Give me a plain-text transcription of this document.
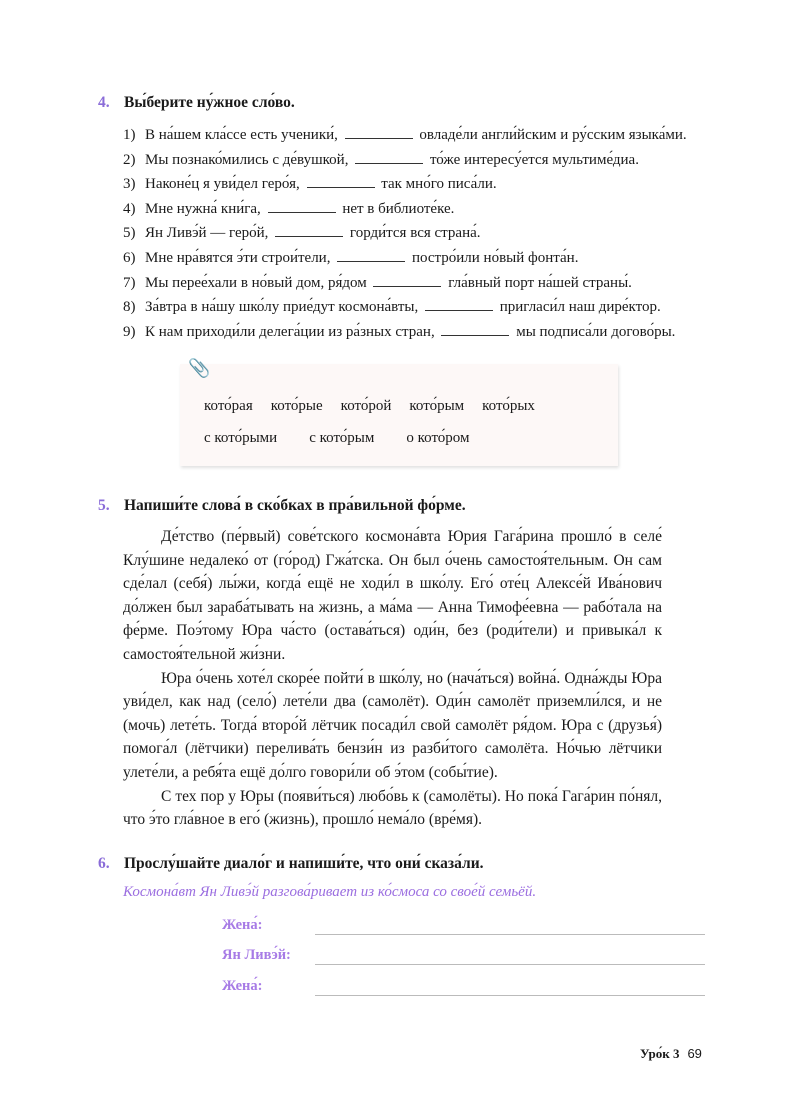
4. Вы́берите ну́жное сло́во.
1) В на́шем кла́ссе есть ученики́,	овладе́ли англи́йским и ру́сским языка́ми.
2) Мы познако́мились с де́вушкой,	то́же интересу́ется мультиме́диа.
3) Наконе́ц я уви́дел геро́я,	так мно́го писа́ли.
4) Мне нужна́ кни́га,	нет в библиоте́ке.
5) Ян Ливэ́й — геро́й,	горди́тся вся страна́.
6) Мне нра́вятся э́ти строи́тели,	постро́или но́вый фонта́н.
7) Мы перее́хали в но́вый дом, ря́дом	гла́вный порт на́шей страны́.
8) За́втра в на́шу шко́лу прие́дут космона́вты,	пригласи́л наш дире́ктор.
9) К нам приходи́ли делега́ции из ра́зных стран,	мы подписа́ли догово́ры.
📎
кото́рая кото́рые кото́рой кото́рым кото́рых
с кото́рыми с кото́рым о кото́ром
5. Напиши́те слова́ в ско́бках в пра́вильной фо́рме.

Де́тство (пе́рвый) сове́тского космона́вта Юрия Гага́рина прошло́ в селе́ Клу́шине недалеко́ от (го́род) Гжа́тска. Он был о́чень самостоя́тельным. Он сам сде́лал (себя́) лы́жи, когда́ ещё не ходи́л в шко́лу. Его́ оте́ц Алексе́й Ива́нович до́лжен был зараба́тывать на жизнь, а ма́ма — Анна Тимофе́евна — рабо́тала на фе́рме. Поэ́тому Юра ча́сто (остава́ться) оди́н, без (роди́тели) и привыка́л к самостоя́тельной жи́зни.

Юра о́чень хоте́л скоре́е пойти́ в шко́лу, но (нача́ться) война́. Одна́жды Юра уви́дел, как над (село́) лете́ли два (самолёт). Оди́н самолёт приземли́лся, и не (мочь) лете́ть. Тогда́ второ́й лётчик посади́л свой самолёт ря́дом. Юра с (друзья́) помога́л (лётчики) перелива́ть бензи́н из разби́того самолёта. Но́чью лётчики улете́ли, а ребя́та ещё до́лго говори́ли об э́том (собы́тие).

С тех пор у Юры (появи́ться) любо́вь к (самолёты). Но пока́ Гага́рин по́нял, что э́то гла́вное в его́ (жизнь), прошло́ нема́ло (вре́мя).

6. Прослу́шайте диало́г и напиши́те, что они́ сказа́ли.
Космона́вт Ян Ливэ́й разгова́ривает из ко́смоса со свое́й семьёй.
Жена́:
Ян Ливэ́й:
Жена́:
Уро́к 3 69
